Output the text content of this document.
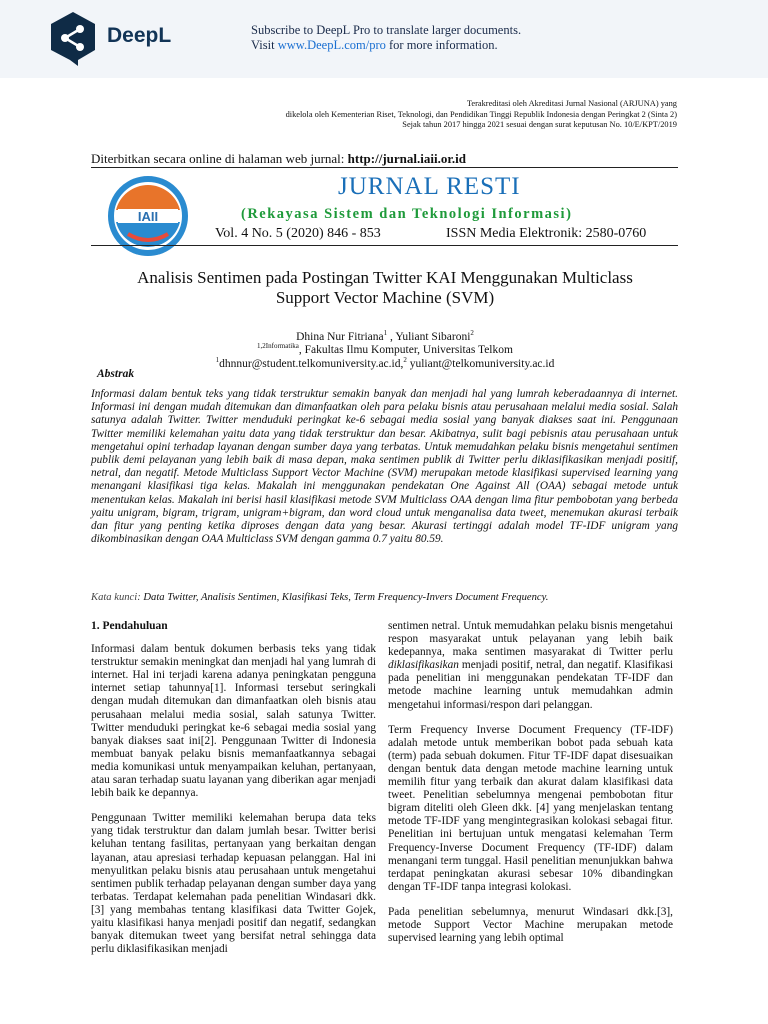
DeepL	Subscribe to DeepL Pro to translate larger documents.
Visit www.DeepL.com/pro for more information.
Terakreditasi oleh Akreditasi Jurnal Nasional (ARJUNA) yang
dikelola oleh Kementerian Riset, Teknologi, dan Pendidikan Tinggi Republik Indonesia dengan Peringkat 2 (Sinta 2)
Sejak tahun 2017 hingga 2021 sesuai dengan surat keputusan No. 10/E/KPT/2019
Diterbitkan secara online di halaman web jurnal: http://jurnal.iaii.or.id
IAII
JURNAL RESTI
(Rekayasa Sistem dan Teknologi Informasi)
Vol. 4 No. 5 (2020) 846 - 853	ISSN Media Elektronik: 2580-0760
Analisis Sentimen pada Postingan Twitter KAI Menggunakan Multiclass
Support Vector Machine (SVM)
Dhina Nur Fitriana$^1$ , Yuliant Sibaroni$^2$
$^{1,2Informatika}$, Fakultas Ilmu Komputer, Universitas Telkom
$^1$dhnnur@student.telkomuniversity.ac.id,$^2$ yuliant@telkomuniversity.ac.id
Abstrak
Informasi dalam bentuk teks yang tidak terstruktur semakin banyak dan menjadi hal yang lumrah keberadaannya di internet. Informasi ini dengan mudah ditemukan dan dimanfaatkan oleh para pelaku bisnis atau perusahaan melalui media sosial. Salah satunya adalah Twitter. Twitter menduduki peringkat ke-6 sebagai media sosial yang banyak diakses saat ini. Penggunaan Twitter memiliki kelemahan yaitu data yang tidak terstruktur dan besar. Akibatnya, sulit bagi pebisnis atau perusahaan untuk mengetahui opini terhadap layanan dengan sumber daya yang terbatas. Untuk memudahkan pelaku bisnis mengetahui sentimen publik demi pelayanan yang lebih baik di masa depan, maka sentimen publik di Twitter perlu diklasifikasikan menjadi positif, netral, dan negatif. Metode Multiclass Support Vector Machine (SVM) merupakan metode klasifikasi supervised learning yang menangani klasifikasi tiga kelas. Makalah ini menggunakan pendekatan One Against All (OAA) sebagai metode untuk menentukan kelas. Makalah ini berisi hasil klasifikasi metode SVM Multiclass OAA dengan lima fitur pembobotan yang berbeda yaitu unigram, bigram, trigram, unigram+bigram, dan word cloud untuk menganalisa data tweet, menemukan akurasi terbaik dan fitur yang penting ketika diproses dengan data yang besar. Akurasi tertinggi adalah model TF-IDF unigram yang dikombinasikan dengan OAA Multiclass SVM dengan gamma 0.7 yaitu 80.59.
Kata kunci: Data Twitter, Analisis Sentimen, Klasifikasi Teks, Term Frequency-Invers Document Frequency.
1. Pendahuluan

Informasi dalam bentuk dokumen berbasis teks yang tidak terstruktur semakin meningkat dan menjadi hal yang lumrah di internet. Hal ini terjadi karena adanya peningkatan pengguna internet setiap tahunnya[1]. Informasi tersebut seringkali dengan mudah ditemukan dan dimanfaatkan oleh bisnis atau perusahaan melalui media sosial, salah satunya Twitter. Twitter menduduki peringkat ke-6 sebagai media sosial yang banyak diakses saat ini[2]. Penggunaan Twitter di Indonesia membuat banyak pelaku bisnis memanfaatkannya sebagai media komunikasi untuk menyampaikan keluhan, pertanyaan, atau saran terhadap suatu layanan yang diberikan agar menjadi lebih baik ke depannya.

Penggunaan Twitter memiliki kelemahan berupa data teks yang tidak terstruktur dan dalam jumlah besar. Twitter berisi keluhan tentang fasilitas, pertanyaan yang berkaitan dengan layanan, atau apresiasi terhadap kepuasan pelanggan. Hal ini menyulitkan pelaku bisnis atau perusahaan untuk mengetahui sentimen publik terhadap pelayanan dengan sumber daya yang terbatas. Terdapat kelemahan pada penelitian Windasari dkk.[3] yang membahas tentang klasifikasi data Twitter Gojek, yaitu klasifikasi hanya menjadi positif dan negatif, sedangkan banyak ditemukan tweet yang bersifat netral sehingga data perlu diklasifikasikan menjadi

sentimen netral. Untuk memudahkan pelaku bisnis mengetahui respon masyarakat untuk pelayanan yang lebih baik kedepannya, maka sentimen masyarakat di Twitter perlu diklasifikasikan menjadi positif, netral, dan negatif. Klasifikasi pada penelitian ini menggunakan pendekatan TF-IDF dan metode machine learning untuk memudahkan admin mengetahui informasi/respon dari pelanggan.

Term Frequency Inverse Document Frequency (TF-IDF) adalah metode untuk memberikan bobot pada sebuah kata (term) pada sebuah dokumen. Fitur TF-IDF dapat disesuaikan dengan bentuk data dengan metode machine learning untuk memilih fitur yang terbaik dan akurat dalam klasifikasi data tweet. Penelitian sebelumnya mengenai pembobotan fitur bigram diteliti oleh Gleen dkk. [4] yang menjelaskan tentang metode TF-IDF yang mengintegrasikan kolokasi sebagai fitur. Penelitian ini bertujuan untuk mengatasi kelemahan Term Frequency-Inverse Document Frequency (TF-IDF) dalam menangani term tunggal. Hasil penelitian menunjukkan bahwa terdapat peningkatan akurasi sebesar 10% dibandingkan dengan TF-IDF tanpa integrasi kolokasi.

Pada penelitian sebelumnya, menurut Windasari dkk.[3], metode Support Vector Machine merupakan metode supervised learning yang lebih optimal
